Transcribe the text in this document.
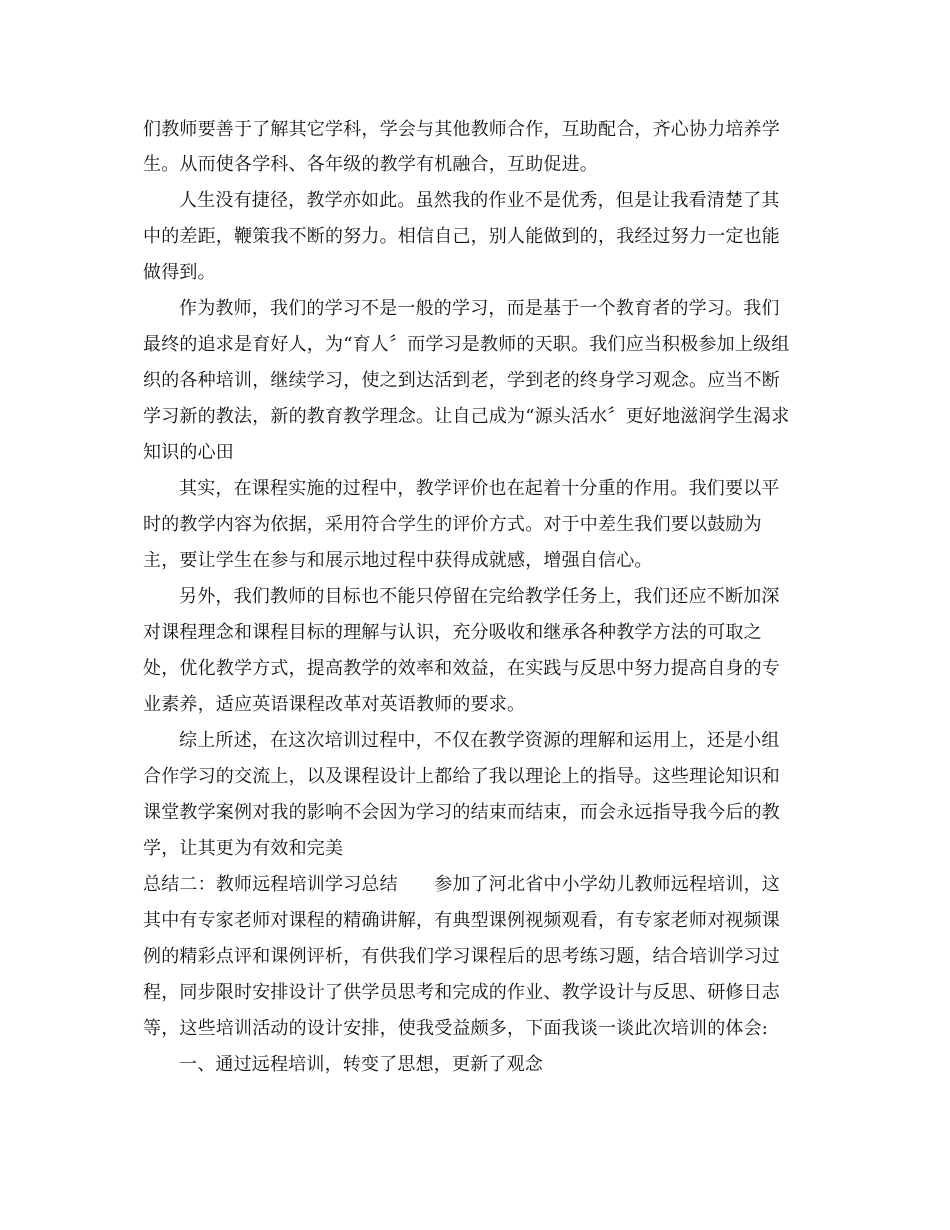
们教师要善于了解其它学科，学会与其他教师合作，互助配合，齐心协力培养学
生。从而使各学科、各年级的教学有机融合，互助促进。
人生没有捷径，教学亦如此。虽然我的作业不是优秀，但是让我看清楚了其
中的差距，鞭策我不断的努力。相信自己，别人能做到的，我经过努力一定也能
做得到。
作为教师，我们的学习不是一般的学习，而是基于一个教育者的学习。我们
最终的追求是育好人，为“育人〞而学习是教师的天职。我们应当积极参加上级组
织的各种培训，继续学习，使之到达活到老，学到老的终身学习观念。应当不断
学习新的教法，新的教育教学理念。让自己成为“源头活水〞更好地滋润学生渴求
知识的心田
其实，在课程实施的过程中，教学评价也在起着十分重的作用。我们要以平
时的教学内容为依据，采用符合学生的评价方式。对于中差生我们要以鼓励为
主，要让学生在参与和展示地过程中获得成就感，增强自信心。
另外，我们教师的目标也不能只停留在完给教学任务上，我们还应不断加深
对课程理念和课程目标的理解与认识，充分吸收和继承各种教学方法的可取之
处，优化教学方式，提高教学的效率和效益，在实践与反思中努力提高自身的专
业素养，适应英语课程改革对英语教师的要求。
综上所述，在这次培训过程中，不仅在教学资源的理解和运用上，还是小组
合作学习的交流上，以及课程设计上都给了我以理论上的指导。这些理论知识和
课堂教学案例对我的影响不会因为学习的结束而结束，而会永远指导我今后的教
学，让其更为有效和完美
总结二：教师远程培训学习总结　　参加了河北省中小学幼儿教师远程培训，这
其中有专家老师对课程的精确讲解，有典型课例视频观看，有专家老师对视频课
例的精彩点评和课例评析，有供我们学习课程后的思考练习题，结合培训学习过
程，同步限时安排设计了供学员思考和完成的作业、教学设计与反思、研修日志
等，这些培训活动的设计安排，使我受益颇多，下面我谈一谈此次培训的体会:
一、通过远程培训，转变了思想，更新了观念
